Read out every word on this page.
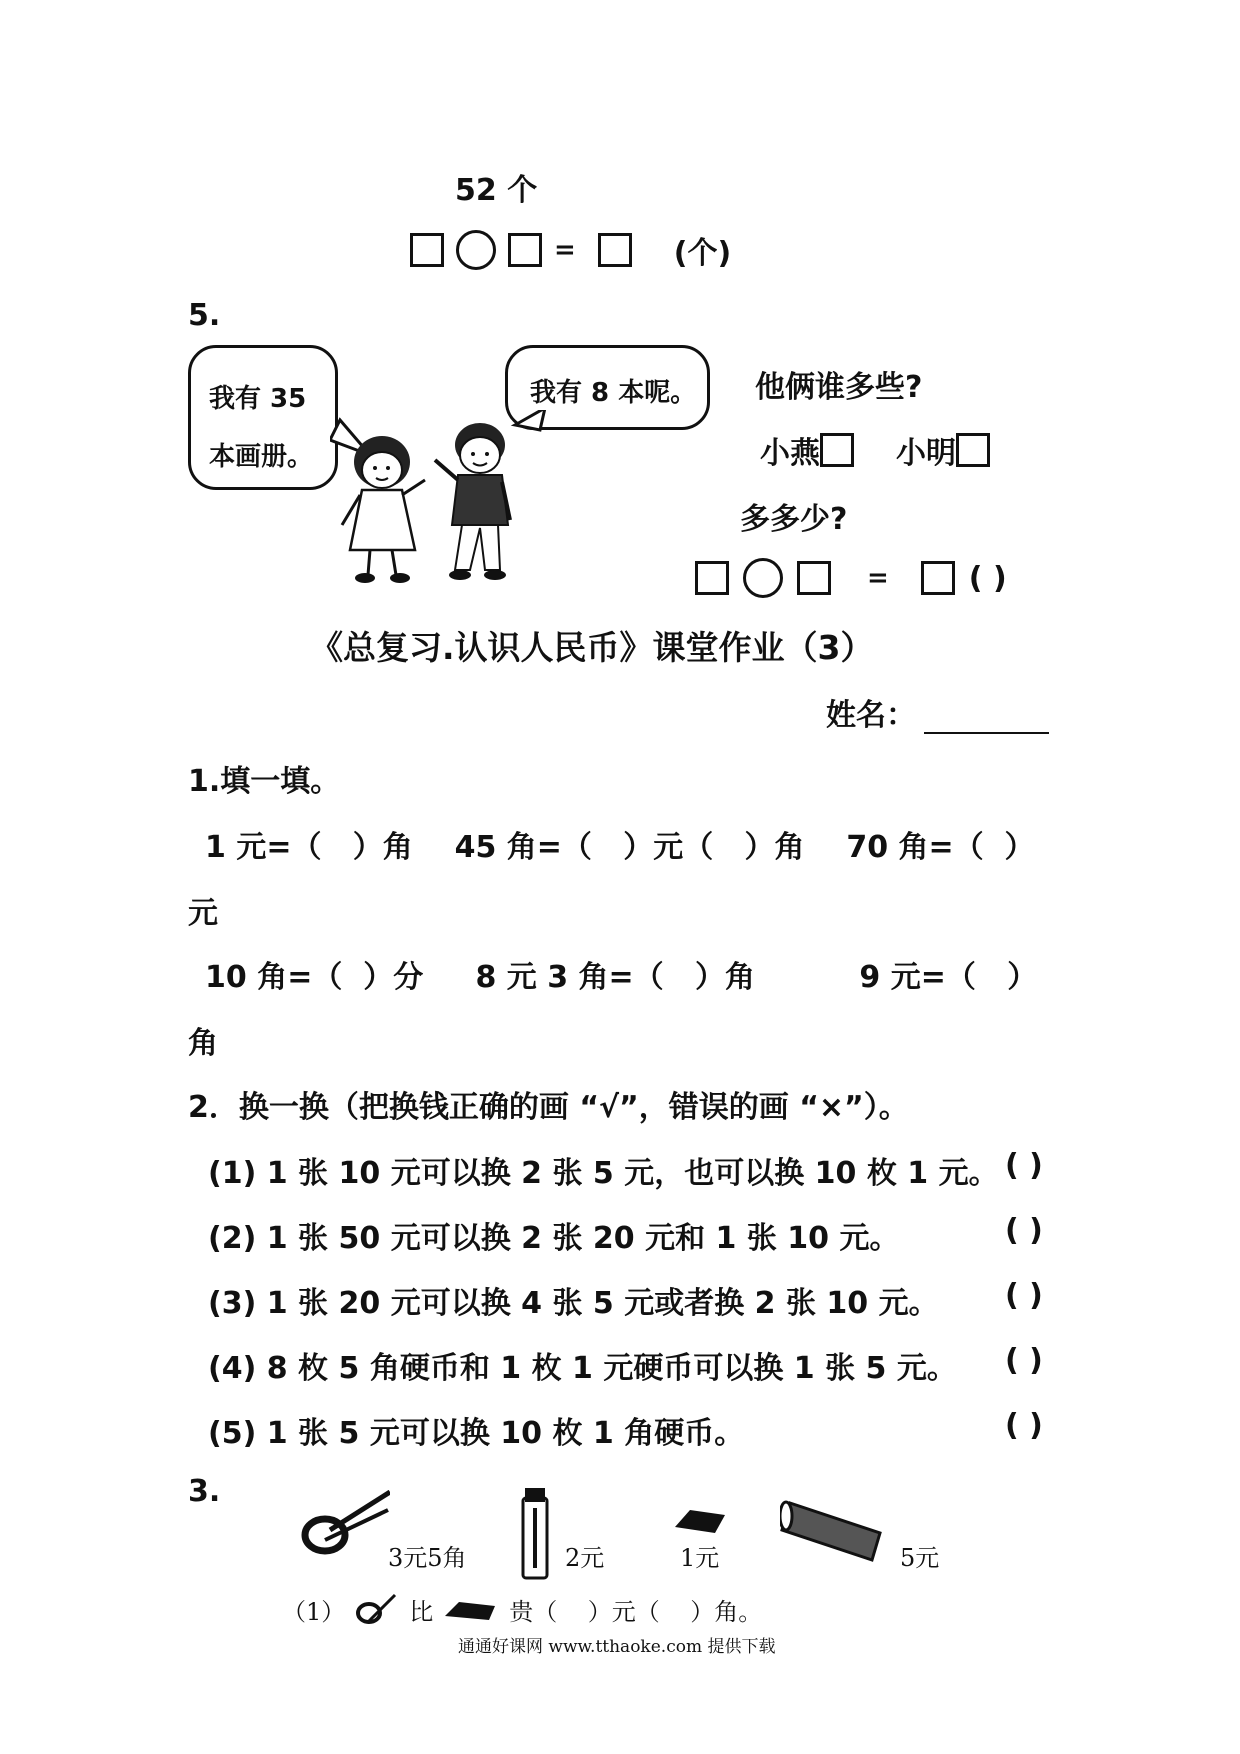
52 个
=	(个)
5.
我有 35
本画册。
我有 8 本呢。 他俩谁多些?
小燕	小明
多多少?
=	( )
《总复习.认识人民币》课堂作业（3）
姓名：
1.填一填。
1 元=（   ）角    45 角=（   ）元（   ）角    70 角=（  ）
元
10 角=（  ）分     8 元 3 角=（   ）角          9 元=（   ）
角
2．换一换（把换钱正确的画 “√”，错误的画 “×”）。
(1) 1 张 10 元可以换 2 张 5 元，也可以换 10 枚 1 元。 ( )
(2) 1 张 50 元可以换 2 张 20 元和 1 张 10 元。	( )
(3) 1 张 20 元可以换 4 张 5 元或者换 2 张 10 元。 ( )
(4) 8 枚 5 角硬币和 1 枚 1 元硬币可以换 1 张 5 元。 ( )
(5) 1 张 5 元可以换 10 枚 1 角硬币。	( )
3.
3元5角	2元	1元	5元
（1）	比	贵（    ）元（    ）角。
通通好课网 www.tthaoke.com 提供下载
